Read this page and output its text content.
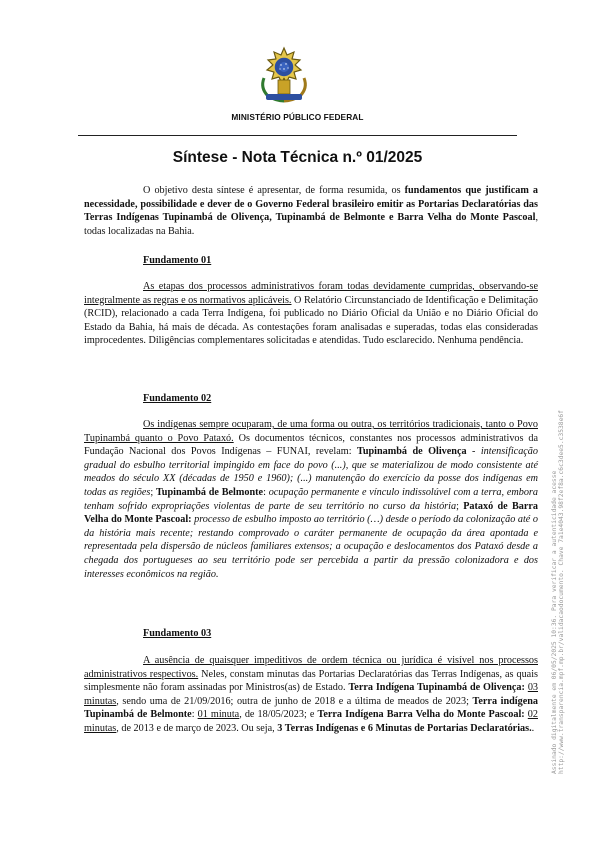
MINISTÉRIO PÚBLICO FEDERAL
Síntese - Nota Técnica n.º 01/2025
O objetivo desta síntese é apresentar, de forma resumida, os fundamentos que justificam a necessidade, possibilidade e dever de o Governo Federal brasileiro emitir as Portarias Declaratórias das Terras Indígenas Tupinambá de Olivença, Tupinambá de Belmonte e Barra Velha do Monte Pascoal, todas localizadas na Bahia.
Fundamento 01
As etapas dos processos administrativos foram todas devidamente cumpridas, observando-se integralmente as regras e os normativos aplicáveis. O Relatório Circunstanciado de Identificação e Delimitação (RCID), relacionado a cada Terra Indígena, foi publicado no Diário Oficial da União e no Diário Oficial do Estado da Bahia, há mais de década. As contestações foram analisadas e superadas, todas elas consideradas improcedentes. Diligências complementares solicitadas e atendidas. Tudo esclarecido. Nenhuma pendência.
Fundamento 02
Os indígenas sempre ocuparam, de uma forma ou outra, os territórios tradicionais, tanto o Povo Tupinambá quanto o Povo Pataxó. Os documentos técnicos, constantes nos processos administrativos da Fundação Nacional dos Povos Indígenas – FUNAI, revelam: Tupinambá de Olivença - intensificação gradual do esbulho territorial impingido em face do povo (...), que se materializou de modo consistente até meados do século XX (décadas de 1950 e 1960); (...) manutenção do exercício da posse dos indígenas em todas as regiões; Tupinambá de Belmonte: ocupação permanente e vínculo indissolúvel com a terra, embora tenham sofrido expropriações violentas de parte de seu território no curso da história; Pataxó de Barra Velha do Monte Pascoal: processo de esbulho imposto ao território (…) desde o período da colonização até o da história mais recente; restando comprovado o caráter permanente de ocupação da área apontada e representada pela dispersão de núcleos familiares extensos; a ocupação e deslocamentos dos Pataxó desde a chegada dos portugueses ao seu território pode ser percebida a partir da pressão colonizadora e dos interesses econômicos na região.
Fundamento 03
A ausência de quaisquer impeditivos de ordem técnica ou jurídica é visível nos processos administrativos respectivos. Neles, constam minutas das Portarias Declaratórias das Terras Indígenas, as quais simplesmente não foram assinadas por Ministros(as) de Estado. Terra Indígena Tupinambá de Olivença: 03 minutas, sendo uma de 21/09/2016; outra de junho de 2018 e a última de meados de 2023; Terra indígena Tupinambá de Belmonte: 01 minuta, de 18/05/2023; e Terra Indígena Barra Velha do Monte Pascoal: 02 minutas, de 2013 e de março de 2023. Ou seja, 3 Terras Indígenas e 6 Minutas de Portarias Declaratórias..	Assinado digitalmente em 06/05/2025 10:36. Para verificar a autenticidade acesse http://www.transparencia.mpf.mp.br/validacaodocumento. Chave 7a1e4043.98f2ef8a.c6c3dee5.c3538e6f
